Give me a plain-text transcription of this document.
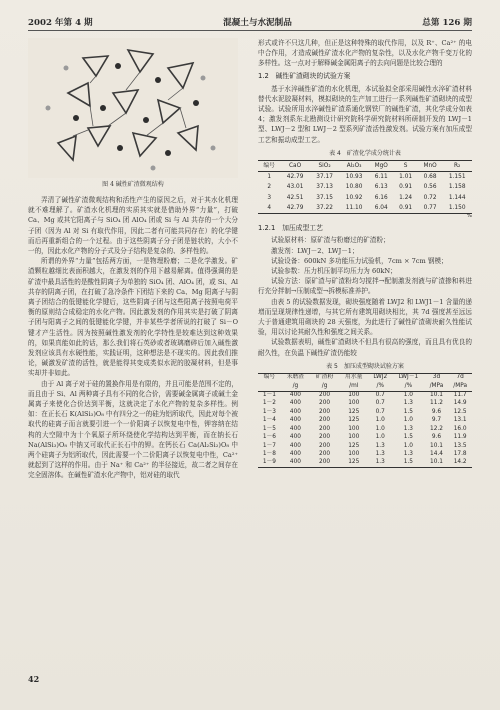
2002 年第 4 期	混凝土与水泥制品	总第 126 期
图 4 碱性矿渣微观结构

弄清了碱性矿渣微观结构和活性产生的原因之后，对于其水化机理就不难理解了。矿渣水化机理的实质其实就是借助外界“力量”，打破 Ca、Mg 或其它阳离子与 SiO₄ 团 AlO₄ 团或 Si 与 Al 共存的一个大分子团（因为 Al 对 Si 有取代作用，因此二者有可能共同存在）的化学键而后再重新组合的一个过程。由于这些阴离子分子团是链状的，大小不一的，因此水化产物的分子式及分子结构是复杂的、多样性的。

所谓的外界“力量”包括两方面，一是物理粉磨；二是化学激发。矿渣颗粒越细比表面积越大，在激发剂的作用下越易解离。值得强调的是矿渣中最具活性的是酸性阴离子为单独的 SiO₄ 团、AlO₄ 团，或 Si、Al 共存的阴离子团，在打破了急冷条件下团结下来的 Ca、Mg 阳离子与阴离子团结合的低键能化学键后，这些阴离子团与这些阳离子按照电荷平衡的原则结合成稳定的水化产物。因此激发剂的作用其实是打破了阴离子团与阳离子之间的低键能化学键，并非某些学者所说的打破了 Si－O 键才产生活性。因为按照碱性激发剂的化学特性是较难达到这种效果的，如果真能如此的话，那么我们将石英砂或者玻璃磨碎后加入碱性激发剂应该具有水硬性能，实践证明，这种想法是不现实的。因此我们推论，碱激发矿渣的活性，就是能得其变成类似水泥的胶凝材料，但是事实却并非如此。

由于 Al 离子对于硅的置换作用是有限的，并且可能是范围不定的，而且由于 Si、Al 两种离子具有不同的化合价，需要碱金属离子或碱土金属离子来使化合价达到平衡，这就决定了水化产物的复杂多样性。例如：在正长石 K(AlSi₃)O₈ 中有四分之一的硅为铝所取代，因此对每个被取代的硅离子而言就要引进一个一价阳离子以恢复电中性，钾容纳在结构的大空隙中为十个氧原子所环绕使化学结构达到平衡，而在钠长石 Na(AlSi₃)O₈ 中钠又可取代正长石中的钾。在钙长石 Ca(Al₂Si₂)O₈ 中两个硅离子为铝所取代，因此需要一个二价阳离子以恢复电中性，Ca²⁺ 就起到了这样的作用。由于 Na⁺ 和 Ca²⁺ 的半径接近，故二者之间存在完全固溶体。在碱性矿渣水化产物中，铝对硅的取代

形式或许不只这几种，但正是这种特殊的取代作用，以及 R⁺、Ca²⁺ 的电中合作用，才造成碱性矿渣水化产物的复杂性，以及水化产物千变万化的多样性。这一点对于解释碱金属阳离子的去向问题是比较合理的

1.2　碱性矿渣砌块的试验方案

基于水淬碱性矿渣的水化机理，本试验拟全部采用碱性水淬矿渣材料替代水泥胶凝材料，模拟砌块的生产加工进行一系列碱性矿渣砌块的成型试验。试验所用水淬碱性矿渣系通化钢铁厂的碱性矿渣，其化学成分如表 4；激发剂系东北勘测设计研究院科学研究院材料所研制开发的 LWJ－1 型、LWJ－2 型和 LWJ－2 型系列矿渣活性激发剂。试验方案有加压成型工艺和振动成型工艺。

表 4　矿渣化学成分统计表
编号	CaO	SiO₂	Al₂O₃	MgO	S	MnO	R₂
1	42.79	37.17	10.93	6.11	1.01	0.68	1.151
2	43.01	37.13	10.80	6.13	0.91	0.56	1.158
3	42.51	37.15	10.92	6.16	1.24	0.72	1.144
4	42.79	37.22	11.10	6.04	0.91	0.77	1.150
%
1.2.1　加压成型工艺

试验原材料：原矿渣与粉磨过的矿渣粉；

激发剂：LWJ－2、LWJ－1；

试验设备：600kN 多功能压力试验机，7cm × 7cm 钢模；

试验参数：压力机压制平均压力为 60kN；

试验方法：原矿渣与矿渣粉均匀搅拌→配制激发剂液与矿渣掺和料进行充分拌制→压制成型→拆模标准养护。

由表 5 的试验数据发现，砌块强度随着 LWJ2 和 LWJ1－1 含量的递增而呈现规律性递增，与其它所有建筑用砌块相比，其 7d 强度甚至远远大于普通建筑用砌块的 28 天强度，为此进行了碱性矿渣砌块耐久性能试验，用以讨论其耐久性和强度之间关系。

试验数据表明，碱性矿渣砌块不但具有很高的强度，而且具有优良的耐久性，在负温下碱性矿渣仍能较

表 5　加压成型砌块试验方案
编号	未磨渣	矿渣粉	用水量	LWJ2	LWJ－1	3d	7d
	/g	/g	/ml	/%	/%	/MPa	/MPa
1－1	400	200	100	0.7	1.0	10.1	11.7
1－2	400	200	100	0.7	1.3	11.2	14.9
1－3	400	200	125	0.7	1.5	9.6	12.5
1－4	400	200	125	1.0	1.0	9.7	13.1
1－5	400	200	100	1.0	1.3	12.2	16.0
1－6	400	200	100	1.0	1.5	9.6	11.9
1－7	400	200	125	1.3	1.0	10.1	13.5
1－8	400	200	100	1.3	1.3	14.4	17.8
1－9	400	200	125	1.3	1.5	10.1	14.2
42
